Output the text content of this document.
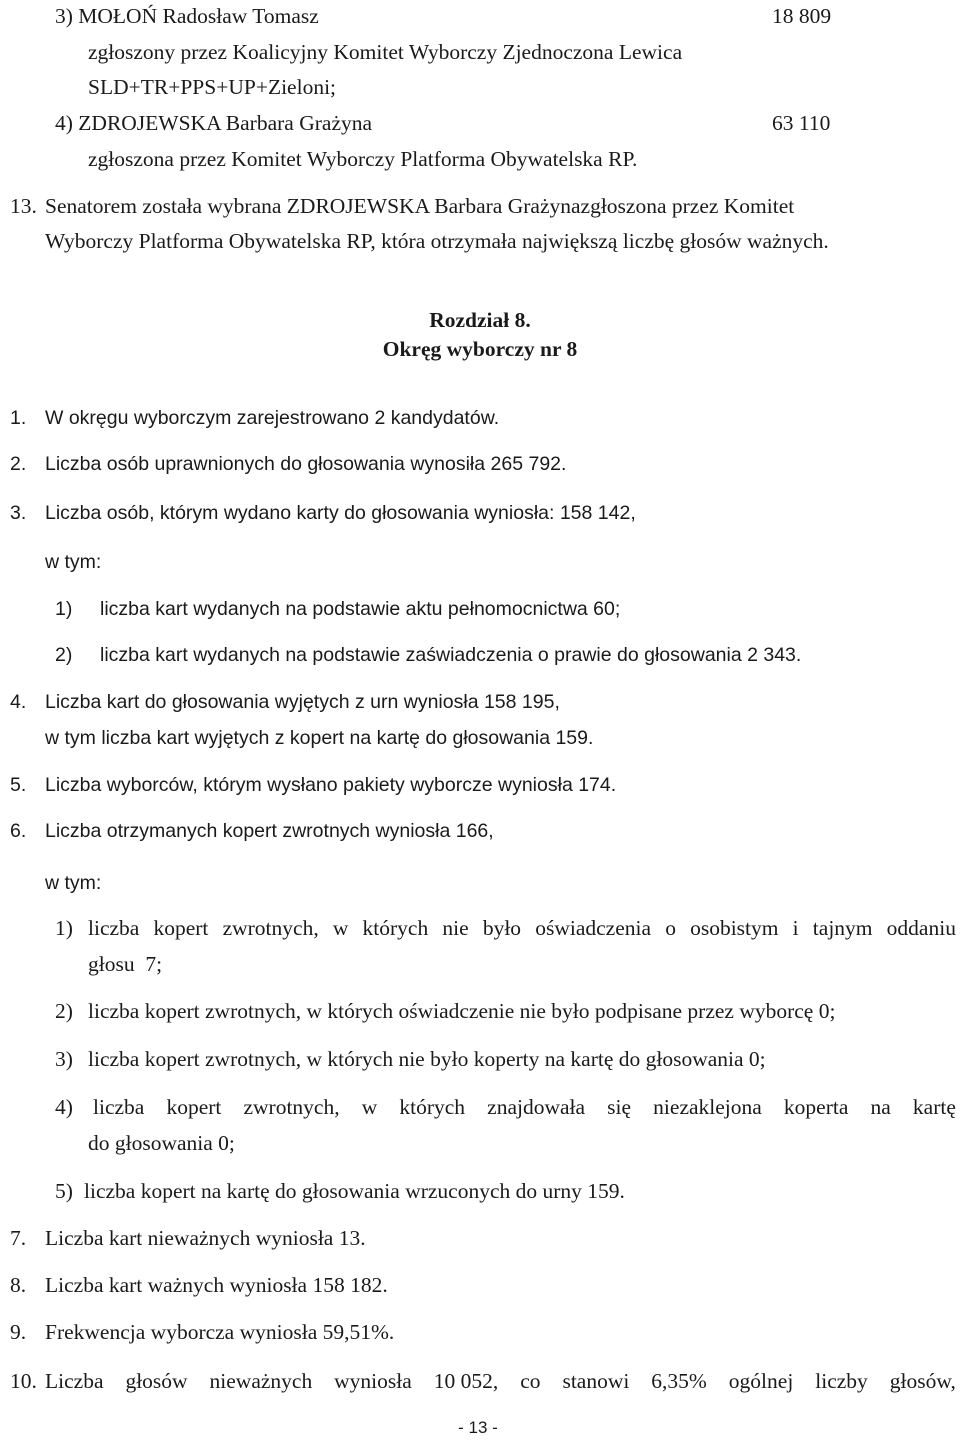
3) MOŁOŃ Radosław Tomasz	18 809
zgłoszony przez Koalicyjny Komitet Wyborczy Zjednoczona Lewica
SLD+TR+PPS+UP+Zieloni;
4) ZDROJEWSKA Barbara Grażyna	63 110
zgłoszona przez Komitet Wyborczy Platforma Obywatelska RP.
13. Senatorem została wybrana ZDROJEWSKA Barbara Grażynazgłoszona przez Komitet
Wyborczy Platforma Obywatelska RP, która otrzymała największą liczbę głosów ważnych.
Rozdział 8.
Okręg wyborczy nr 8
1. W okręgu wyborczym zarejestrowano 2 kandydatów.
2. Liczba osób uprawnionych do głosowania wynosiła 265 792.
3. Liczba osób, którym wydano karty do głosowania wyniosła: 158 142,
w tym:
1) liczba kart wydanych na podstawie aktu pełnomocnictwa 60;
2) liczba kart wydanych na podstawie zaświadczenia o prawie do głosowania 2 343.
4. Liczba kart do głosowania wyjętych z urn wyniosła 158 195,
w tym liczba kart wyjętych z kopert na kartę do głosowania 159.
5. Liczba wyborców, którym wysłano pakiety wyborcze wyniosła 174.
6. Liczba otrzymanych kopert zwrotnych wyniosła 166,
w tym:
1) liczba kopert zwrotnych, w których nie było oświadczenia o osobistym i tajnym oddaniu
głosu  7;
2) liczba kopert zwrotnych, w których oświadczenie nie było podpisane przez wyborcę 0;
3) liczba kopert zwrotnych, w których nie było koperty na kartę do głosowania 0;
4) liczba kopert zwrotnych, w których znajdowała się niezaklejona koperta na kartę
do głosowania 0;
5) liczba kopert na kartę do głosowania wrzuconych do urny 159.
7. Liczba kart nieważnych wyniosła 13.
8. Liczba kart ważnych wyniosła 158 182.
9. Frekwencja wyborcza wyniosła 59,51%.
10. Liczba głosów nieważnych wyniosła 10 052, co stanowi 6,35% ogólnej liczby głosów,
- 13 -
